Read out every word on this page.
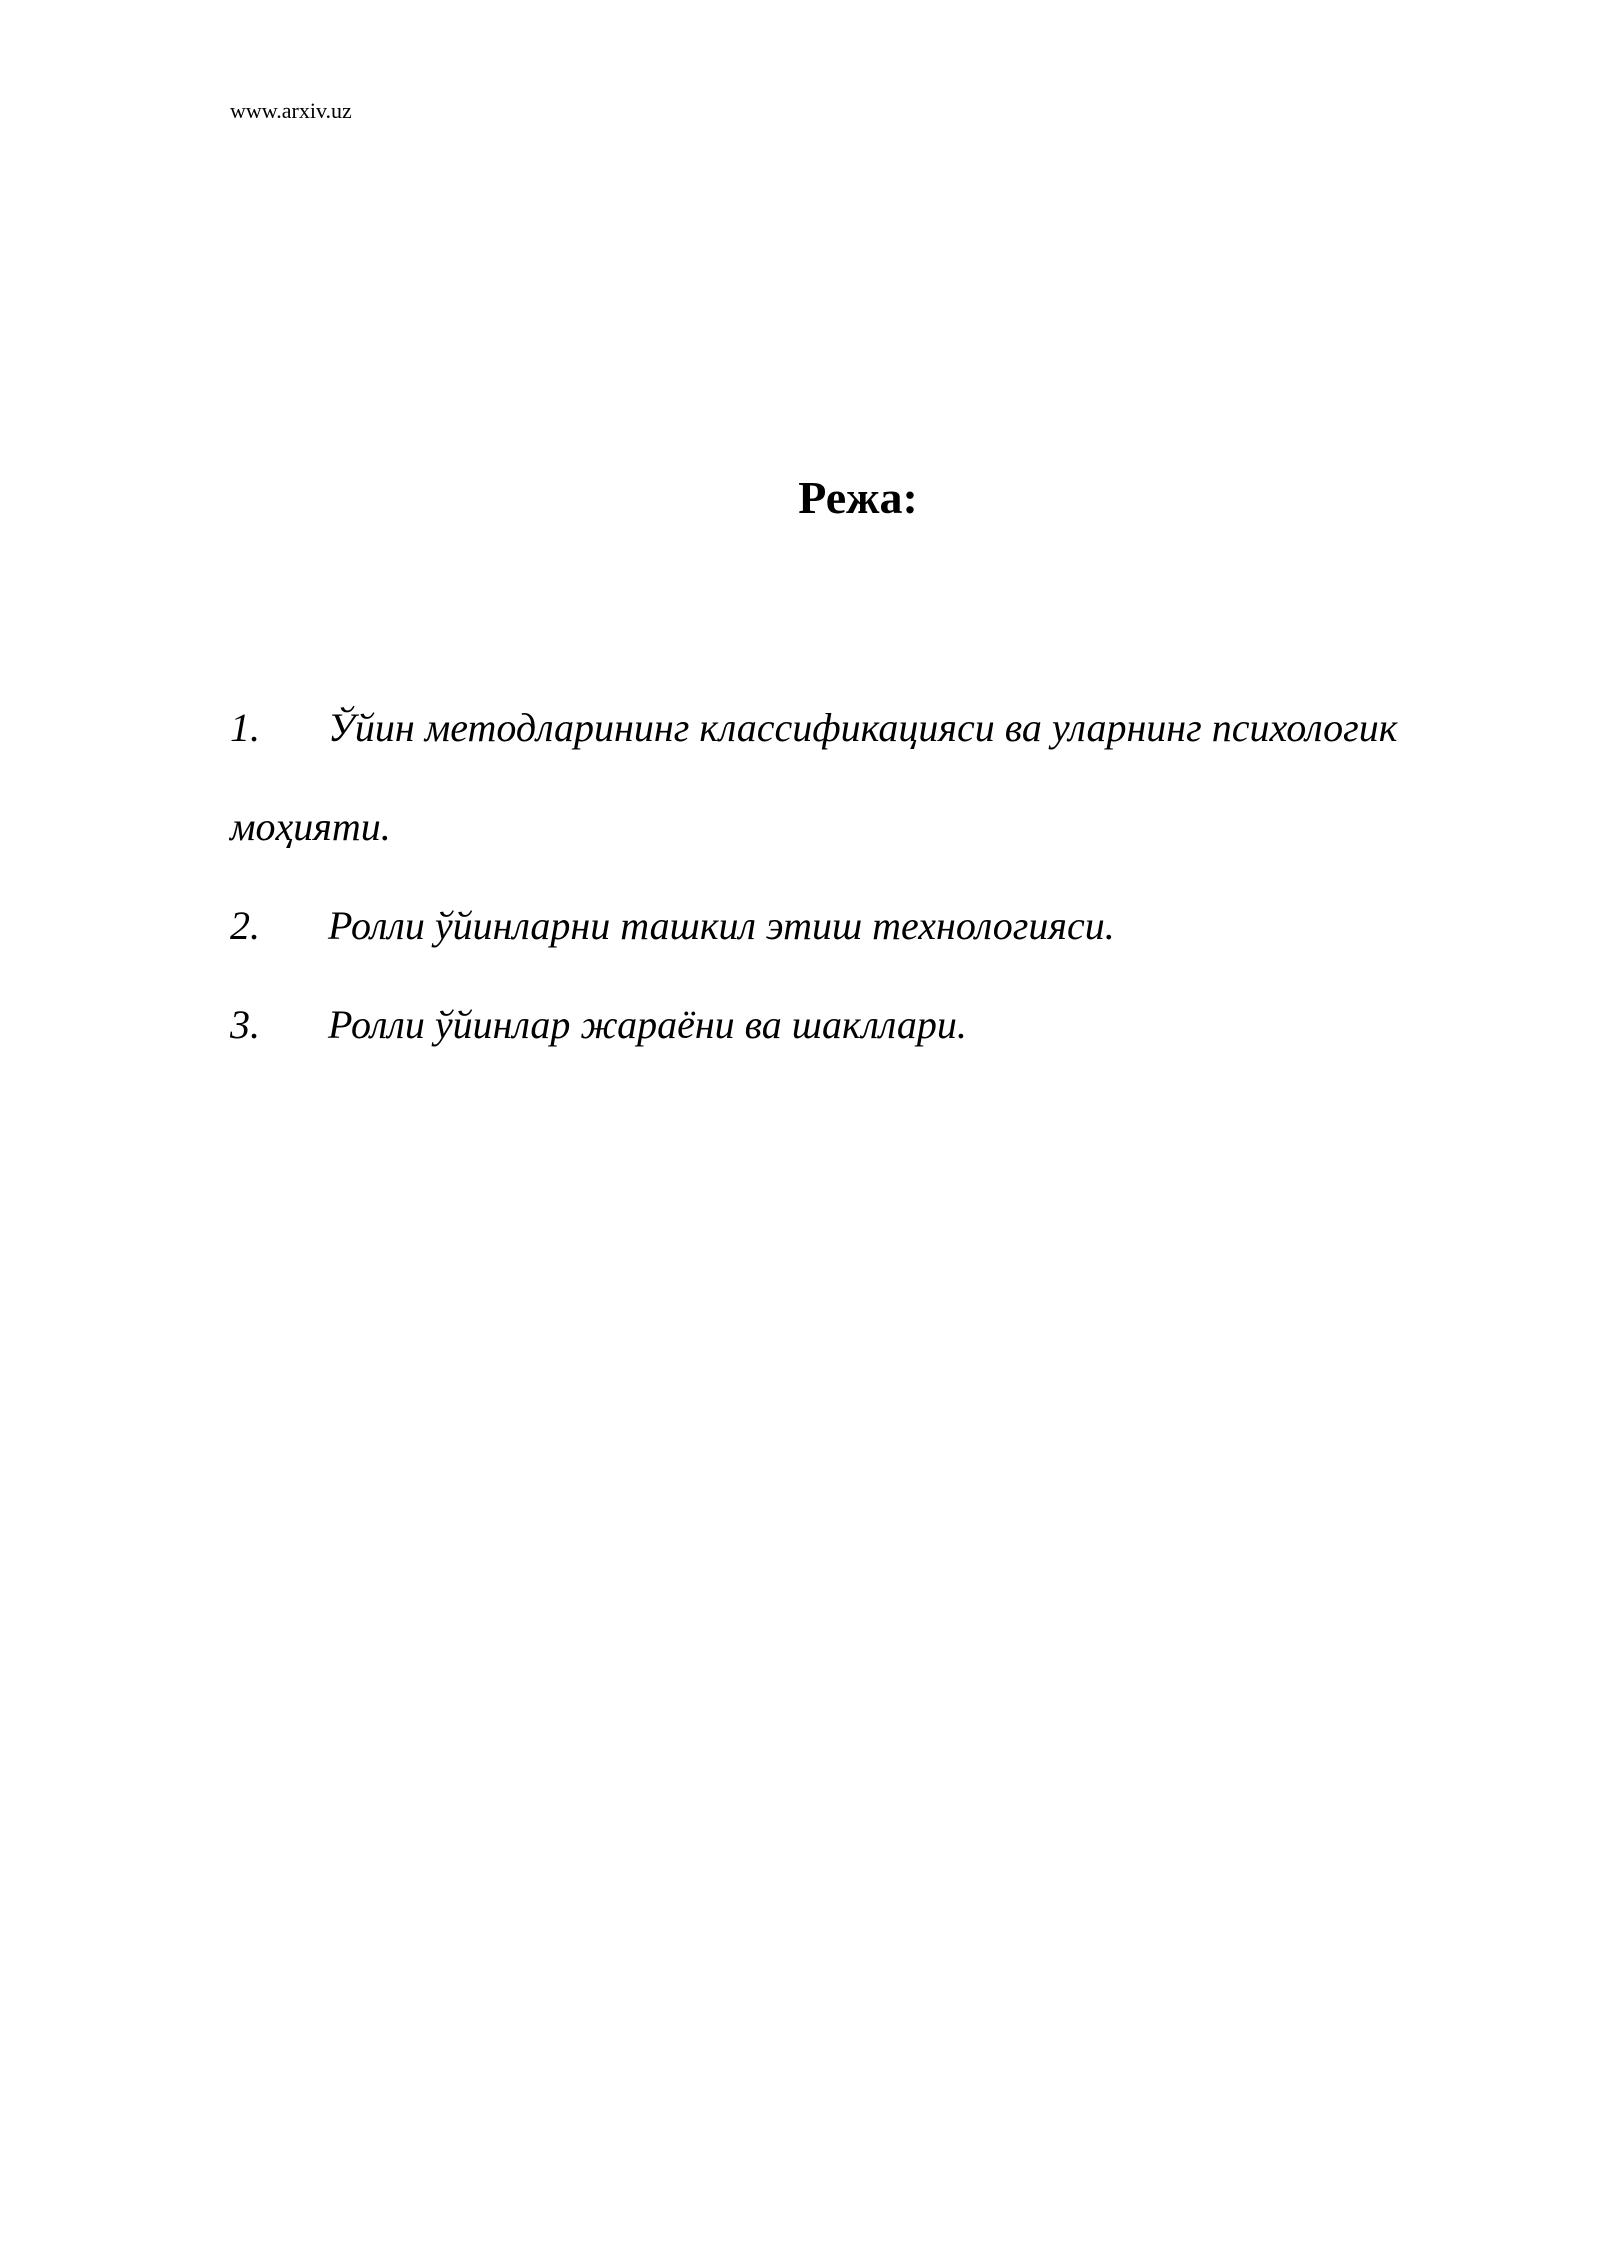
www.arxiv.uz
Режа:
1. Ўйин методларининг классификацияси ва уларнинг психологик моҳияти.
2. Ролли ўйинларни ташкил этиш технологияси.
3. Ролли ўйинлар жараёни ва шакллари.
